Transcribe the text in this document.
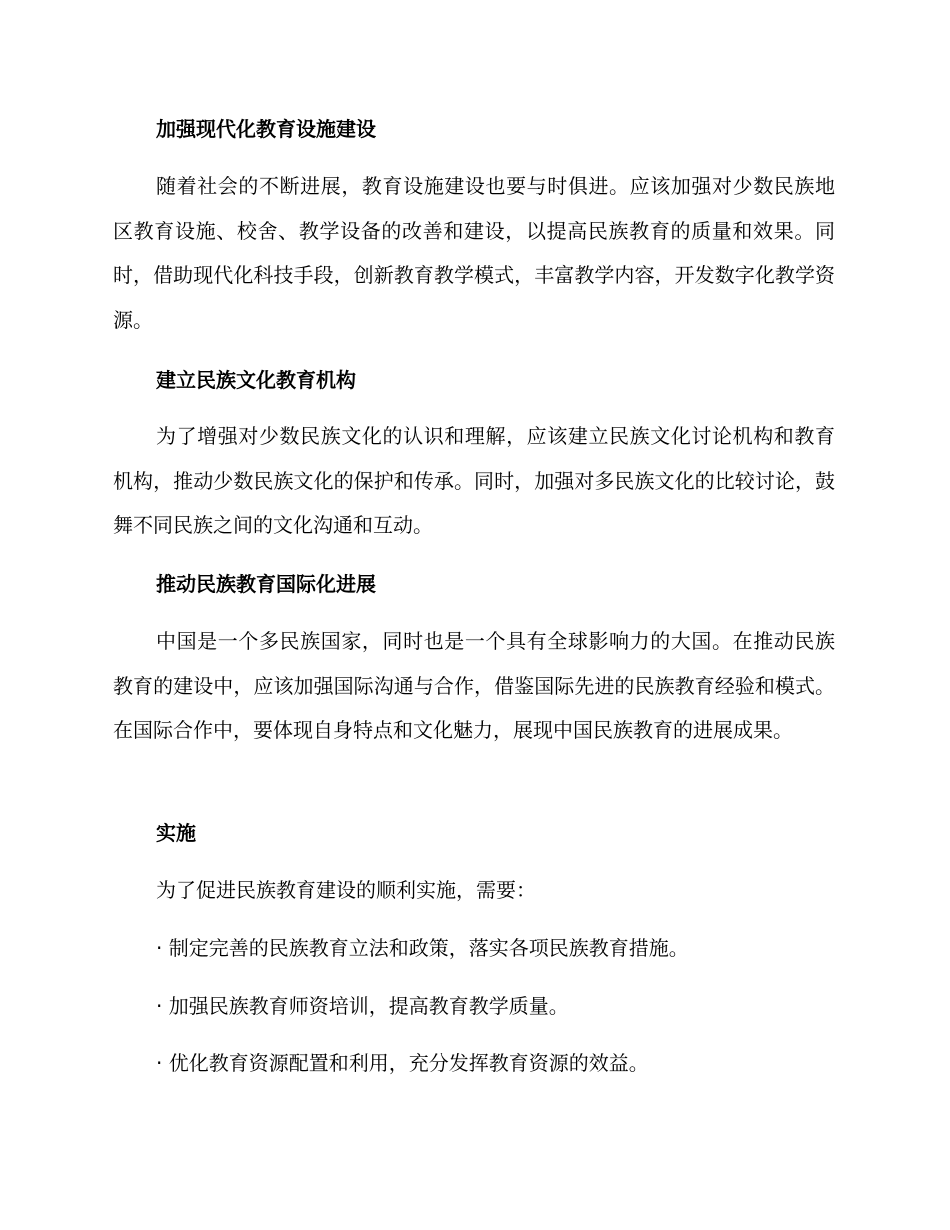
加强现代化教育设施建设

随着社会的不断进展，教育设施建设也要与时俱进。应该加强对少数民族地区教育设施、校舍、教学设备的改善和建设，以提高民族教育的质量和效果。同时，借助现代化科技手段，创新教育教学模式，丰富教学内容，开发数字化教学资源。

建立民族文化教育机构

为了增强对少数民族文化的认识和理解，应该建立民族文化讨论机构和教育机构，推动少数民族文化的保护和传承。同时，加强对多民族文化的比较讨论，鼓舞不同民族之间的文化沟通和互动。

推动民族教育国际化进展

中国是一个多民族国家，同时也是一个具有全球影响力的大国。在推动民族教育的建设中，应该加强国际沟通与合作，借鉴国际先进的民族教育经验和模式。在国际合作中，要体现自身特点和文化魅力，展现中国民族教育的进展成果。

实施

为了促进民族教育建设的顺利实施，需要：

· 制定完善的民族教育立法和政策，落实各项民族教育措施。

· 加强民族教育师资培训，提高教育教学质量。

· 优化教育资源配置和利用，充分发挥教育资源的效益。
